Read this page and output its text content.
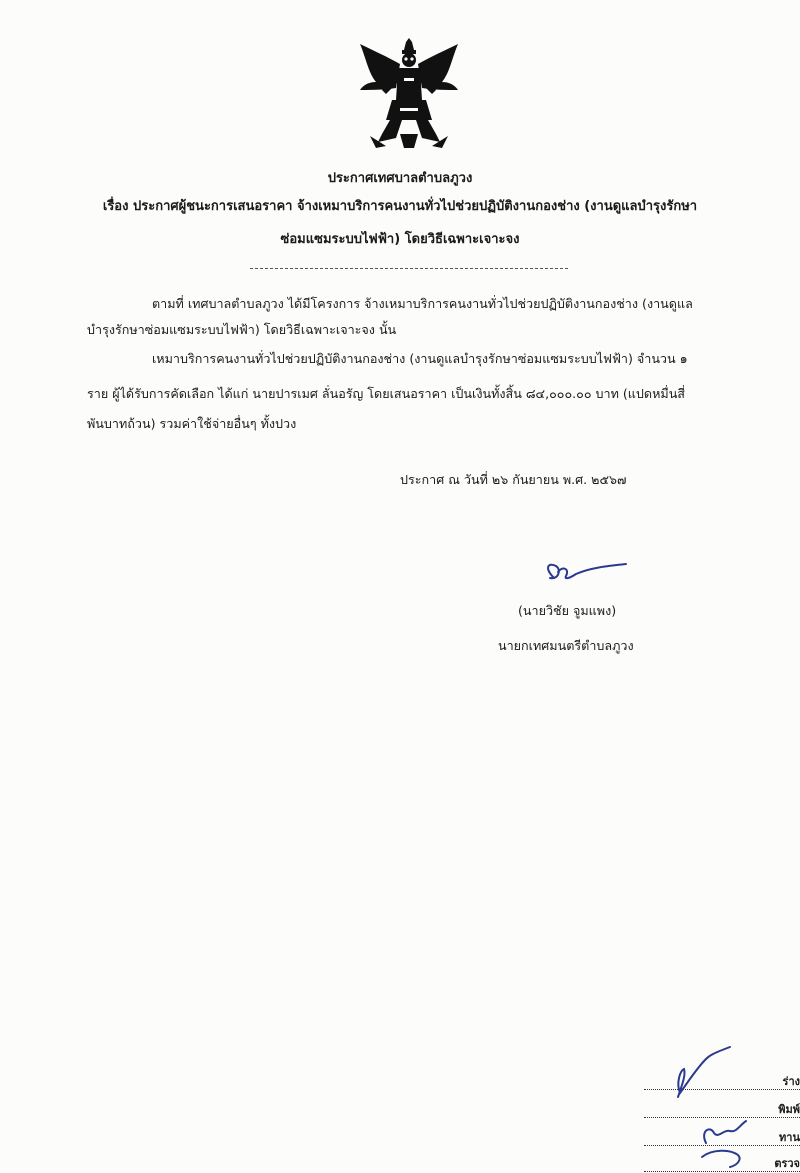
ประกาศเทศบาลตำบลภูวง
เรื่อง ประกาศผู้ชนะการเสนอราคา จ้างเหมาบริการคนงานทั่วไปช่วยปฏิบัติงานกองช่าง (งานดูแลบำรุงรักษา
ซ่อมแซมระบบไฟฟ้า) โดยวิธีเฉพาะเจาะจง
ตามที่ เทศบาลตำบลภูวง ได้มีโครงการ จ้างเหมาบริการคนงานทั่วไปช่วยปฏิบัติงานกองช่าง (งานดูแล
บำรุงรักษาซ่อมแซมระบบไฟฟ้า) โดยวิธีเฉพาะเจาะจง นั้น
เหมาบริการคนงานทั่วไปช่วยปฏิบัติงานกองช่าง (งานดูแลบำรุงรักษาซ่อมแซมระบบไฟฟ้า) จำนวน ๑
ราย ผู้ได้รับการคัดเลือก ได้แก่ นายปารเมศ ลั่นอรัญ โดยเสนอราคา เป็นเงินทั้งสิ้น ๘๔,๐๐๐.๐๐ บาท (แปดหมื่นสี่
พันบาทถ้วน) รวมค่าใช้จ่ายอื่นๆ ทั้งปวง
ประกาศ ณ วันที่ ๒๖ กันยายน พ.ศ. ๒๕๖๗
(นายวิชัย จูมแพง)
นายกเทศมนตรีตำบลภูวง
ร่าง
พิมพ์
ทาน
ตรวจ
